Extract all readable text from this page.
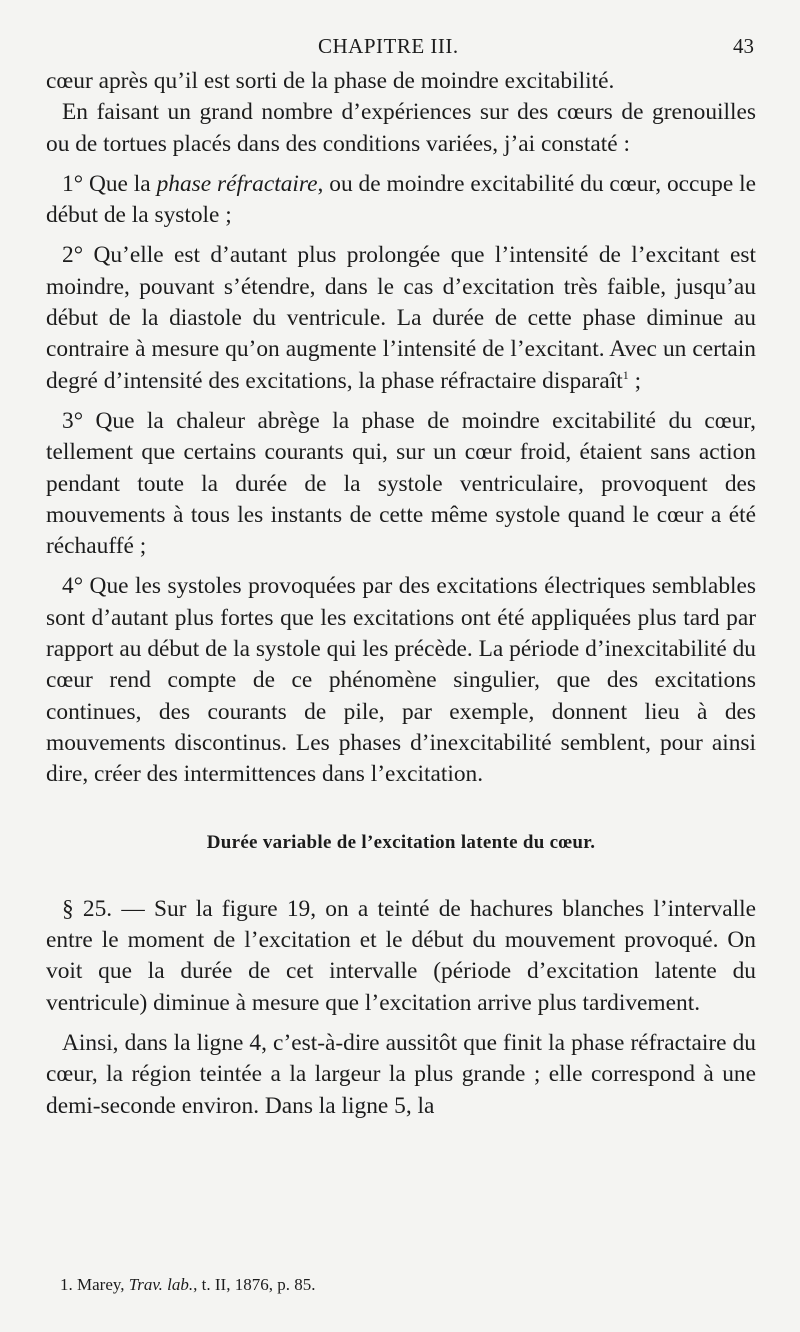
CHAPITRE III.	43

cœur après qu’il est sorti de la phase de moindre excitabilité.

En faisant un grand nombre d’expériences sur des cœurs de grenouilles ou de tortues placés dans des conditions variées, j’ai constaté :

1° Que la phase réfractaire, ou de moindre excitabilité du cœur, occupe le début de la systole ;

2° Qu’elle est d’autant plus prolongée que l’intensité de l’excitant est moindre, pouvant s’étendre, dans le cas d’excitation très faible, jusqu’au début de la diastole du ventricule. La durée de cette phase diminue au contraire à mesure qu’on augmente l’intensité de l’excitant. Avec un certain degré d’intensité des excitations, la phase réfractaire disparaît$^1$ ;

3° Que la chaleur abrège la phase de moindre excitabilité du cœur, tellement que certains courants qui, sur un cœur froid, étaient sans action pendant toute la durée de la systole ventriculaire, provoquent des mouvements à tous les instants de cette même systole quand le cœur a été réchauffé ;

4° Que les systoles provoquées par des excitations électriques semblables sont d’autant plus fortes que les excitations ont été appliquées plus tard par rapport au début de la systole qui les précède. La période d’inexcitabilité du cœur rend compte de ce phénomène singulier, que des excitations continues, des courants de pile, par exemple, donnent lieu à des mouvements discontinus. Les phases d’inexcitabilité semblent, pour ainsi dire, créer des intermittences dans l’excitation.

Durée variable de l’excitation latente du cœur.

§ 25. — Sur la figure 19, on a teinté de hachures blanches l’intervalle entre le moment de l’excitation et le début du mouvement provoqué. On voit que la durée de cet intervalle (période d’excitation latente du ventricule) diminue à mesure que l’excitation arrive plus tardivement.

Ainsi, dans la ligne 4, c’est-à-dire aussitôt que finit la phase réfractaire du cœur, la région teintée a la largeur la plus grande ; elle correspond à une demi-seconde environ. Dans la ligne 5, la

1. Marey, Trav. lab., t. II, 1876, p. 85.
